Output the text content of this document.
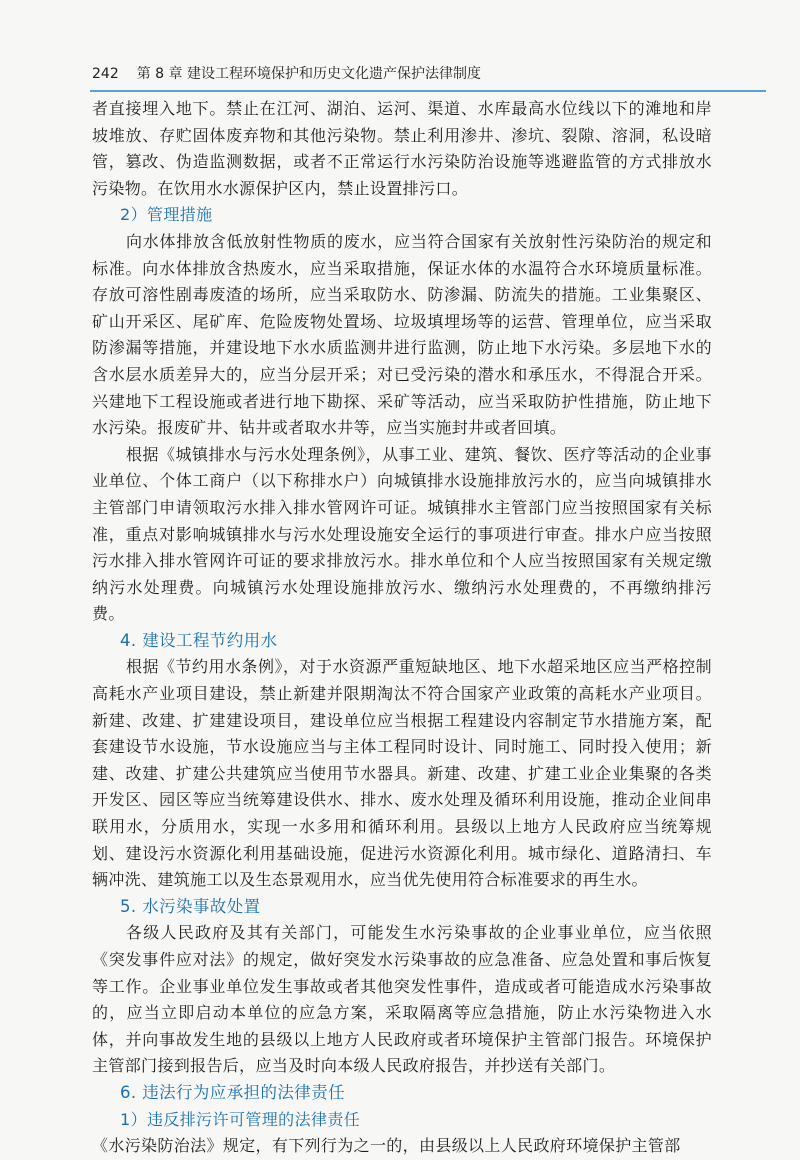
242 第 8 章 建设工程环境保护和历史文化遗产保护法律制度

者直接埋入地下。禁止在江河、湖泊、运河、渠道、水库最高水位线以下的滩地和岸坡堆放、存贮固体废弃物和其他污染物。禁止利用渗井、渗坑、裂隙、溶洞，私设暗管，篡改、伪造监测数据，或者不正常运行水污染防治设施等逃避监管的方式排放水污染物。在饮用水水源保护区内，禁止设置排污口。

2）管理措施

向水体排放含低放射性物质的废水，应当符合国家有关放射性污染防治的规定和标准。向水体排放含热废水，应当采取措施，保证水体的水温符合水环境质量标准。存放可溶性剧毒废渣的场所，应当采取防水、防渗漏、防流失的措施。工业集聚区、矿山开采区、尾矿库、危险废物处置场、垃圾填埋场等的运营、管理单位，应当采取防渗漏等措施，并建设地下水水质监测井进行监测，防止地下水污染。多层地下水的含水层水质差异大的，应当分层开采；对已受污染的潜水和承压水，不得混合开采。兴建地下工程设施或者进行地下勘探、采矿等活动，应当采取防护性措施，防止地下水污染。报废矿井、钻井或者取水井等，应当实施封井或者回填。

根据《城镇排水与污水处理条例》，从事工业、建筑、餐饮、医疗等活动的企业事业单位、个体工商户（以下称排水户）向城镇排水设施排放污水的，应当向城镇排水主管部门申请领取污水排入排水管网许可证。城镇排水主管部门应当按照国家有关标准，重点对影响城镇排水与污水处理设施安全运行的事项进行审查。排水户应当按照污水排入排水管网许可证的要求排放污水。排水单位和个人应当按照国家有关规定缴纳污水处理费。向城镇污水处理设施排放污水、缴纳污水处理费的，不再缴纳排污费。

4. 建设工程节约用水

根据《节约用水条例》，对于水资源严重短缺地区、地下水超采地区应当严格控制高耗水产业项目建设，禁止新建并限期淘汰不符合国家产业政策的高耗水产业项目。新建、改建、扩建建设项目，建设单位应当根据工程建设内容制定节水措施方案，配套建设节水设施，节水设施应当与主体工程同时设计、同时施工、同时投入使用；新建、改建、扩建公共建筑应当使用节水器具。新建、改建、扩建工业企业集聚的各类开发区、园区等应当统筹建设供水、排水、废水处理及循环利用设施，推动企业间串联用水，分质用水，实现一水多用和循环利用。县级以上地方人民政府应当统筹规划、建设污水资源化利用基础设施，促进污水资源化利用。城市绿化、道路清扫、车辆冲洗、建筑施工以及生态景观用水，应当优先使用符合标准要求的再生水。

5. 水污染事故处置

各级人民政府及其有关部门，可能发生水污染事故的企业事业单位，应当依照《突发事件应对法》的规定，做好突发水污染事故的应急准备、应急处置和事后恢复等工作。企业事业单位发生事故或者其他突发性事件，造成或者可能造成水污染事故的，应当立即启动本单位的应急方案，采取隔离等应急措施，防止水污染物进入水体，并向事故发生地的县级以上地方人民政府或者环境保护主管部门报告。环境保护主管部门接到报告后，应当及时向本级人民政府报告，并抄送有关部门。

6. 违法行为应承担的法律责任

1）违反排污许可管理的法律责任

《水污染防治法》规定，有下列行为之一的，由县级以上人民政府环境保护主管部
